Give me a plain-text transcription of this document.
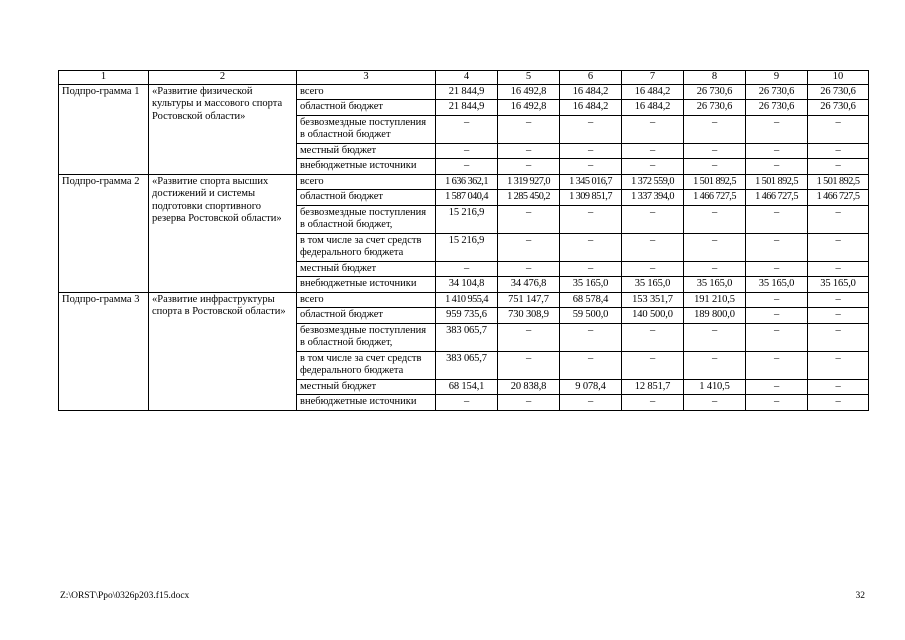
1	2	3	4	5	6	7	8	9	10
Подпро-грамма 1	«Развитие физической культуры и массового спорта Ростовской области»	всего	21 844,9	16 492,8	16 484,2	16 484,2	26 730,6	26 730,6	26 730,6
		областной бюджет	21 844,9	16 492,8	16 484,2	16 484,2	26 730,6	26 730,6	26 730,6
		безвозмездные поступления в областной бюджет	–	–	–	–	–	–	–
		местный бюджет	–	–	–	–	–	–	–
		внебюджетные источники	–	–	–	–	–	–	–
Подпро-грамма 2	«Развитие спорта высших достижений и системы подготовки спортивного резерва Ростовской области»	всего	1 636 362,1	1 319 927,0	1 345 016,7	1 372 559,0	1 501 892,5	1 501 892,5	1 501 892,5
		областной бюджет	1 587 040,4	1 285 450,2	1 309 851,7	1 337 394,0	1 466 727,5	1 466 727,5	1 466 727,5
		безвозмездные поступления в областной бюджет,	15 216,9	–	–	–	–	–	–
		в том числе за счет средств федерального бюджета	15 216,9	–	–	–	–	–	–
		местный бюджет	–	–	–	–	–	–	–
		внебюджетные источники	34 104,8	34 476,8	35 165,0	35 165,0	35 165,0	35 165,0	35 165,0
Подпро-грамма 3	«Развитие инфраструктуры спорта в Ростовской области»	всего	1 410 955,4	751 147,7	68 578,4	153 351,7	191 210,5	–	–
		областной бюджет	959 735,6	730 308,9	59 500,0	140 500,0	189 800,0	–	–
		безвозмездные поступления в областной бюджет,	383 065,7	–	–	–	–	–	–
		в том числе за счет средств федерального бюджета	383 065,7	–	–	–	–	–	–
		местный бюджет	68 154,1	20 838,8	9 078,4	12 851,7	1 410,5	–	–
		внебюджетные источники	–	–	–	–	–	–	–
Z:\ORST\Ppo\0326p203.f15.docx	32
